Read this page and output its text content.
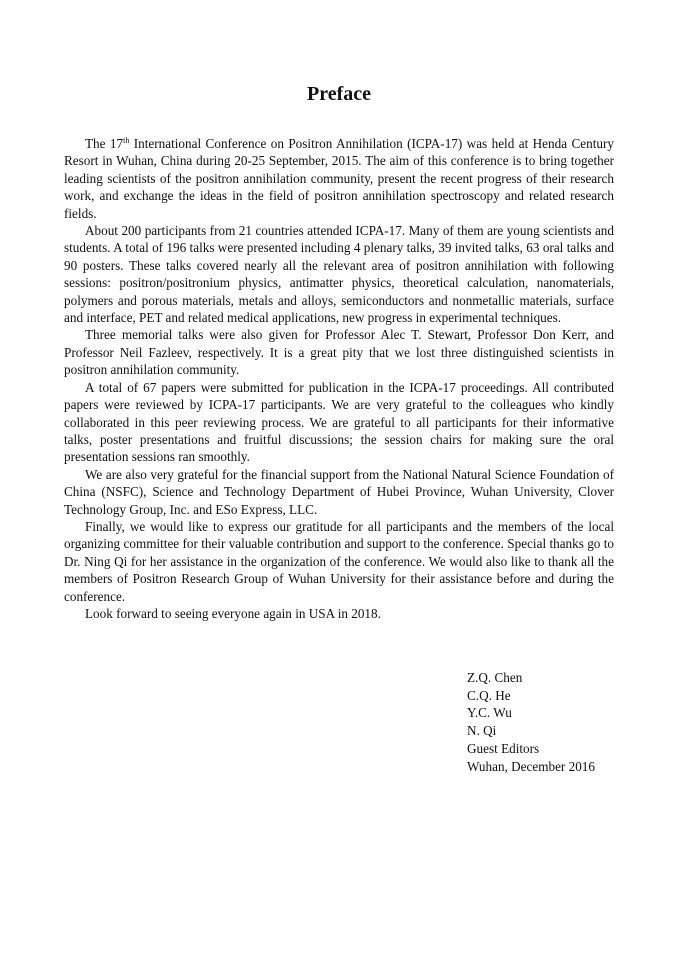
Preface

The 17th International Conference on Positron Annihilation (ICPA-17) was held at Henda Century Resort in Wuhan, China during 20-25 September, 2015. The aim of this conference is to bring together leading scientists of the positron annihilation community, present the recent progress of their research work, and exchange the ideas in the field of positron annihilation spectroscopy and related research fields.

About 200 participants from 21 countries attended ICPA-17. Many of them are young scientists and students. A total of 196 talks were presented including 4 plenary talks, 39 invited talks, 63 oral talks and 90 posters. These talks covered nearly all the relevant area of positron annihilation with following sessions: positron/positronium physics, antimatter physics, theoretical calculation, nanomaterials, polymers and porous materials, metals and alloys, semiconductors and nonmetallic materials, surface and interface, PET and related medical applications, new progress in experimental techniques.

Three memorial talks were also given for Professor Alec T. Stewart, Professor Don Kerr, and Professor Neil Fazleev, respectively. It is a great pity that we lost three distinguished scientists in positron annihilation community.

A total of 67 papers were submitted for publication in the ICPA-17 proceedings. All contributed papers were reviewed by ICPA-17 participants. We are very grateful to the colleagues who kindly collaborated in this peer reviewing process. We are grateful to all participants for their informative talks, poster presentations and fruitful discussions; the session chairs for making sure the oral presentation sessions ran smoothly.

We are also very grateful for the financial support from the National Natural Science Foundation of China (NSFC), Science and Technology Department of Hubei Province, Wuhan University, Clover Technology Group, Inc. and ESo Express, LLC.

Finally, we would like to express our gratitude for all participants and the members of the local organizing committee for their valuable contribution and support to the conference. Special thanks go to Dr. Ning Qi for her assistance in the organization of the conference. We would also like to thank all the members of Positron Research Group of Wuhan University for their assistance before and during the conference.

Look forward to seeing everyone again in USA in 2018.

Z.Q. Chen
C.Q. He
Y.C. Wu
N. Qi
Guest Editors
Wuhan, December 2016
